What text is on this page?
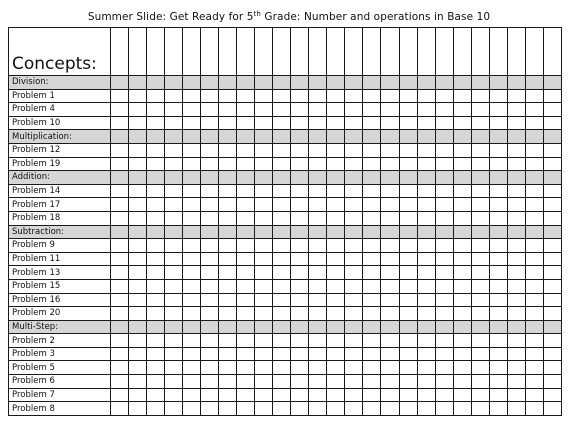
Summer Slide: Get Ready for 5th Grade: Number and operations in Base 10
Concepts:																									
Division:																									
Problem 1																									
Problem 4																									
Problem 10																									
Multiplication:																									
Problem 12																									
Problem 19																									
Addition:																									
Problem 14																									
Problem 17																									
Problem 18																									
Subtraction:																									
Problem 9																									
Problem 11																									
Problem 13																									
Problem 15																									
Problem 16																									
Problem 20																									
Multi-Step:																									
Problem 2																									
Problem 3																									
Problem 5																									
Problem 6																									
Problem 7																									
Problem 8																									
